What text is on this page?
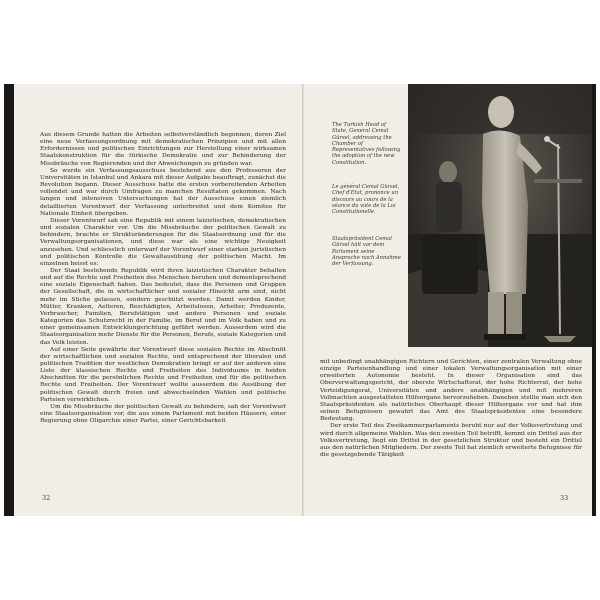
Aus diesem Grunde hatten die Arbeiten selbstverständlich begonnen, deren Ziel eine neue Verfassungsordnung mit demokratischen Prinzipien und mit allen Erfordernissen und politischen Einrichtungen zur Herstellung einer wirksamen Staatskonstruktion für die türkische Demokratie und zur Behinderung der Missbräuche von Regierenden und der Abweichungen zu gründen war.

So wurde ein Verfassungsausschuss bestehend aus den Professoren der Universitäten in Istanbul und Ankara mit dieser Aufgabe beauftragt, zunächst die Revolution begann. Dieser Ausschuss hatte die ersten vorbereitenden Arbeiten vollendet und war durch Umfragen zu manchen Resultaten gekommen. Nach langen und intensiven Untersuchungen hat der Ausschuss einen ziemlich detaillierten Vorentwurf der Verfassung unterbreitet und dem Komitee für Nationale Einheit übergeben.

Dieser Vorentwurf sah eine Republik mit einem laizistischen, demokratischen und sozialen Charakter vor. Um die Missbräuche der politischen Gewalt zu behindern, brachte er Strukturänderungen für die Staatsordnung und für die Verwaltungsorganisationen, und diese war als eine wichtige Neuigkeit anzusehen. Und schliesslich unterwarf der Vorentwurf einer starken juristischen und politischen Kontrolle die Gewaltausübung der politischen Macht. Im einzelnen heisst es:

Der Staat bestehende Republik wird ihren laizistischen Charakter behalten und auf die Rechte und Freiheiten des Menschen beruhen und dementsprechend eine soziale Eigenschaft haben. Das bedeutet, dass die Personen und Gruppen der Gesellschaft, die in wirtschaftlicher und sozialer Hinsicht arm sind, nicht mehr im Stiche gelassen, sondern geschützt werden. Damit werden Kinder, Mütter, Kranken, Aelteren, Beschädigten, Arbeitslosen, Arbeiter, Produzente, Verbraucher, Familien, Berufstätigen und andere Personen und soziale Kategorien das Schutzrecht in der Familie, im Beruf und im Volk haben und zu einer gemeinsamen Entwicklungsrichtung geführt werden. Ausserdem wird die Staatsorganisation mehr Dienste für die Personen, Berufe, soziale Kategorien und das Volk leisten.

Auf einer Seite gewährte der Vorentwurf diese sozialen Rechte im Abschnitt der wirtschaftlichen und sozialen Rechte, und entsprechend der liberalen und politischen Tradition der westlichen Demokratien bringt er auf der anderen eine Liste der klassischen Rechte und Freiheiten des Individuums in beiden Abschnitten für die persönlichen Rechte und Freiheiten und für die politischen Rechte und Freiheiten. Der Vorentwurf wollte ausserdem die Ausübung der politischen Gewalt durch freien und abwechselnden Wahlen und politische Parteien verwirklichen.

Um die Missbräuche der politischen Gewalt zu behindern, sah der Vorentwurf eine Staatsorganisation vor, die aus einem Parlament mit beiden Häusern, einer Regierung ohne Oligarchie einer Partei, einer Gerichtsbarkeit

32
The Turkish Head of State, General Cemal Gürsel, addressing the Chamber of Representatives following the adoption of the new Constitution.
Le général Cemal Gürsel, Chef d'Etat, prononce un discours au cours de la séance du vote de la Loi Constitutionelle.
Staatspräsident Cemal Gürsel hält vor dem Parlament seine Ansprache nach Annahme der Verfassung.

mit unbedingt unabhängigen Richtern und Gerichten, einer zentralen Verwaltung ohne einzige Parteienhandlung und einer lokalen Verwaltungsorganisation mit einer erweiterten Autonomie besteht. In dieser Organisation sind das Oberverwaltungsgericht, der oberste Wirtschaftsrat, der hohe Richterrat, der hohe Verteidigungsrat, Universitäten und andere unabhängigen und mit mehreren Vollmachten ausgestatteten Hilfsorgane hervorzuheben. Daneben stellte man sich den Staatspräsidenten als natürliches Oberhaupt dieser Hilfsorgane vor und hat ihm seinen Befugnissen gewahrt das Amt des Staatspräsidenten eine besondere Bedeutung.

Der erste Teil des Zweikammerparlaments beruht nur auf der Volksvertretung und wird durch allgemeine Wahlen. Was den zweiten Teil betrifft, kommt ein Drittel aus der Volksvertretung, liegt ein Drittel in der gesetzlichen Struktur und besteht ein Drittel aus den natürlichen Mitgliedern. Der zweite Teil hat ziemlich erweiterte Befugnisse für die gesetzgebende Tätigkeit

33
